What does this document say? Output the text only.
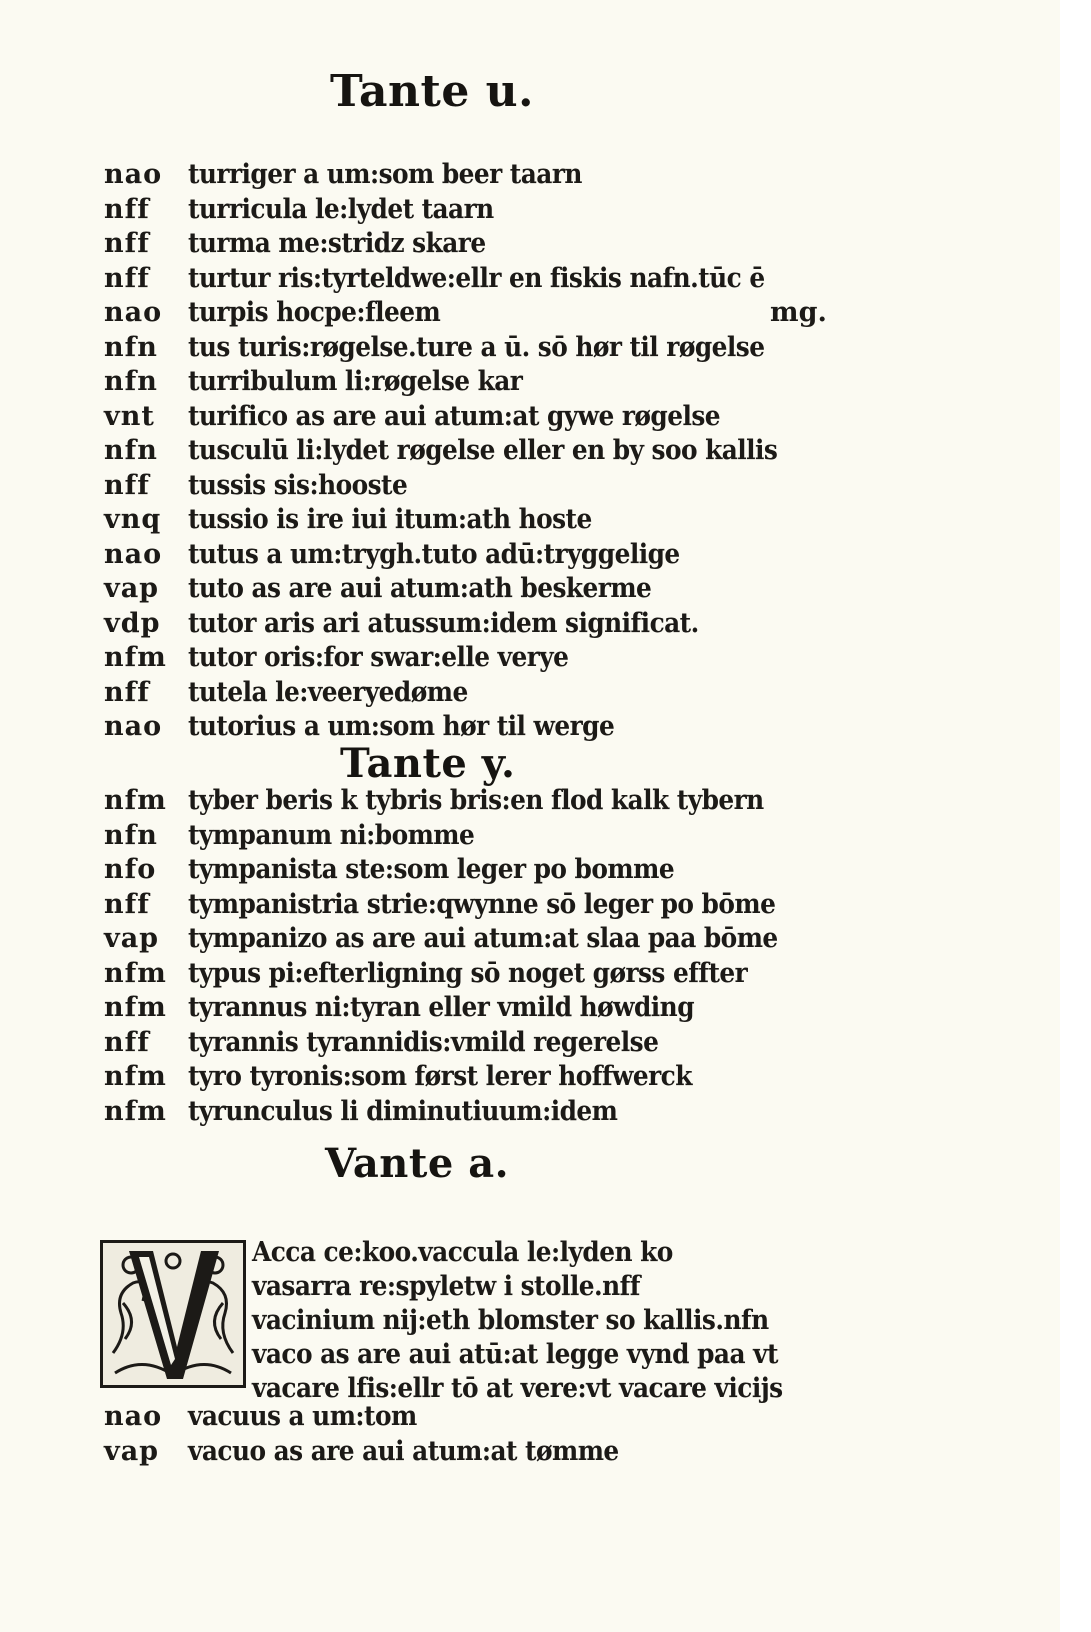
Tante u.
nao turriger a um:som beer taarn
nff	turricula le:lydet taarn
nff	turma me:stridz skare
nff	turtur ris:tyrteldwe:ellr en fiskis nafn.tūc ē
nao turpis hocpe:fleem	mg.
nfn	tus turis:røgelse.ture a ū. sō hør til røgelse
nfn	turribulum li:røgelse kar
vnt	turifico as are aui atum:at gywe røgelse
nfn	tusculū li:lydet røgelse eller en by soo kallis
nff	tussis sis:hooste
vnq tussio is ire iui itum:ath hoste
nao tutus a um:trygh.tuto adū:tryggelige
vap	tuto as are aui atum:ath beskerme
vdp	tutor aris ari atussum:idem significat.
nfm tutor oris:for swar:elle verye
nff	tutela le:veeryedøme
nao tutorius a um:som hør til werge
Tante y.
nfm tyber beris k tybris bris:en flod kalk tybern
nfn	tympanum ni:bomme
nfo	tympanista ste:som leger po bomme
nff	tympanistria strie:qwynne sō leger po bōme
vap	tympanizo as are aui atum:at slaa paa bōme
nfm typus pi:efterligning sō noget gørss effter
nfm tyrannus ni:tyran eller vmild høwding
nff	tyrannis tyrannidis:vmild regerelse
nfm tyro tyronis:som først lerer hoffwerck
nfm tyrunculus li diminutiuum:idem
Vante a.
Acca ce:koo.vaccula le:lyden ko
vasarra re:spyletw i stolle.nff
vacinium nij:eth blomster so kallis.nfn
vaco as are aui atū:at legge vynd paa vt
vacare lfis:ellr tō at vere:vt vacare vicijs
nao vacuus a um:tom
vap	vacuo as are aui atum:at tømme
